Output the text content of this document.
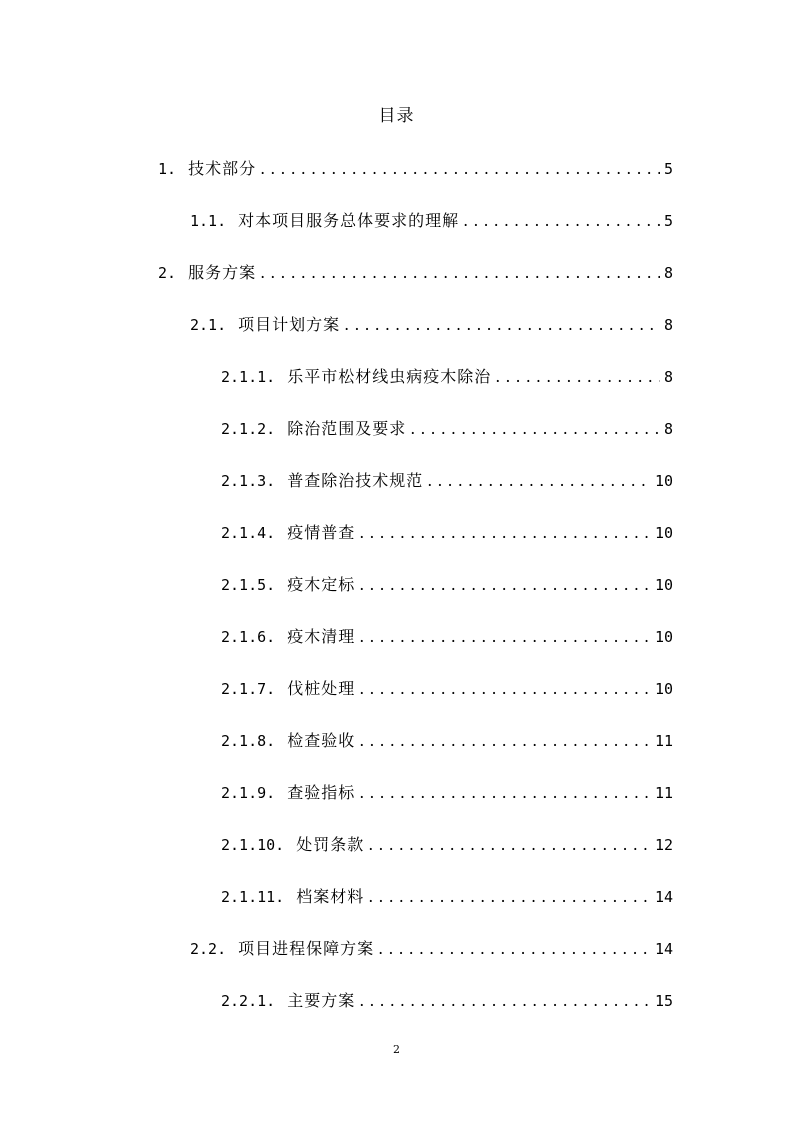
目录
1. 技术部分 . . .	5
1.1. 对本项目服务总体要求的理解 . . .	5
2. 服务方案 . . .	8
2.1. 项目计划方案 . . .	8
2.1.1. 乐平市松材线虫病疫木除治 . . .	8
2.1.2. 除治范围及要求 . . .	8
2.1.3. 普查除治技术规范 . . .	10
2.1.4. 疫情普查 . . .	10
2.1.5. 疫木定标 . . .	10
2.1.6. 疫木清理 . . .	10
2.1.7. 伐桩处理 . . .	10
2.1.8. 检查验收 . . .	11
2.1.9. 查验指标 . . .	11
2.1.10. 处罚条款 . . .	12
2.1.11. 档案材料 . . .	14
2.2. 项目进程保障方案 . . .	14
2.2.1. 主要方案 . . .	15
2
